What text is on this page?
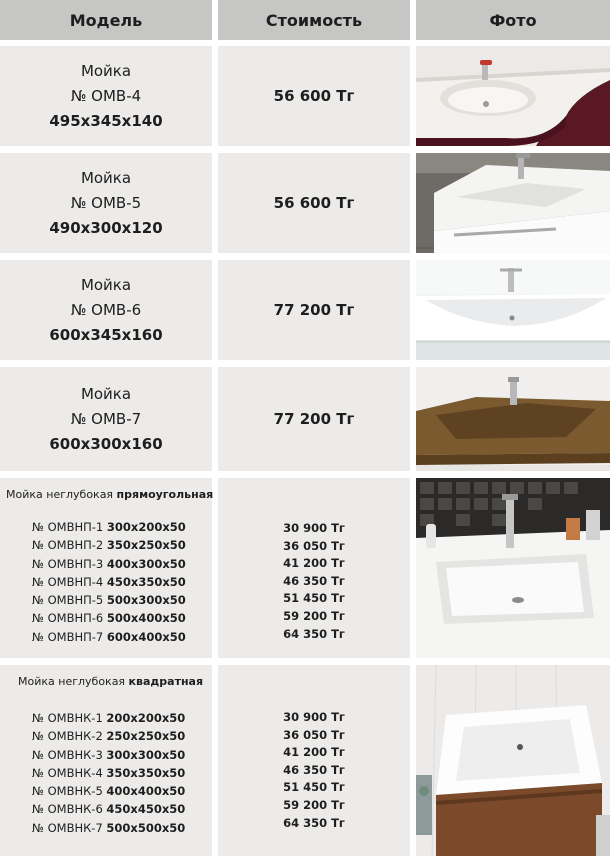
Модель	Стоимость	Фото
Мойка
№ ОМВ-4
495х345х140
56 600 Тг
Мойка
№ ОМВ-5
490х300х120
56 600 Тг
Мойка
№ ОМВ-6
600х345х160
77 200 Тг
Мойка
№ ОМВ-7
600х300х160
77 200 Тг
Мойка неглубокая прямоугольная
№ ОМВНП-1 300х200х50
№ ОМВНП-2 350х250х50
№ ОМВНП-3 400х300х50
№ ОМВНП-4 450х350х50
№ ОМВНП-5 500х300х50
№ ОМВНП-6 500х400х50
№ ОМВНП-7 600х400х50
30 900 Тг
36 050 Тг
41 200 Тг
46 350 Тг
51 450 Тг
59 200 Тг
64 350 Тг
Мойка неглубокая квадратная
№ ОМВНК-1 200х200х50
№ ОМВНК-2 250х250х50
№ ОМВНК-3 300х300х50
№ ОМВНК-4 350х350х50
№ ОМВНК-5 400х400х50
№ ОМВНК-6 450х450х50
№ ОМВНК-7 500х500х50
30 900 Тг
36 050 Тг
41 200 Тг
46 350 Тг
51 450 Тг
59 200 Тг
64 350 Тг
